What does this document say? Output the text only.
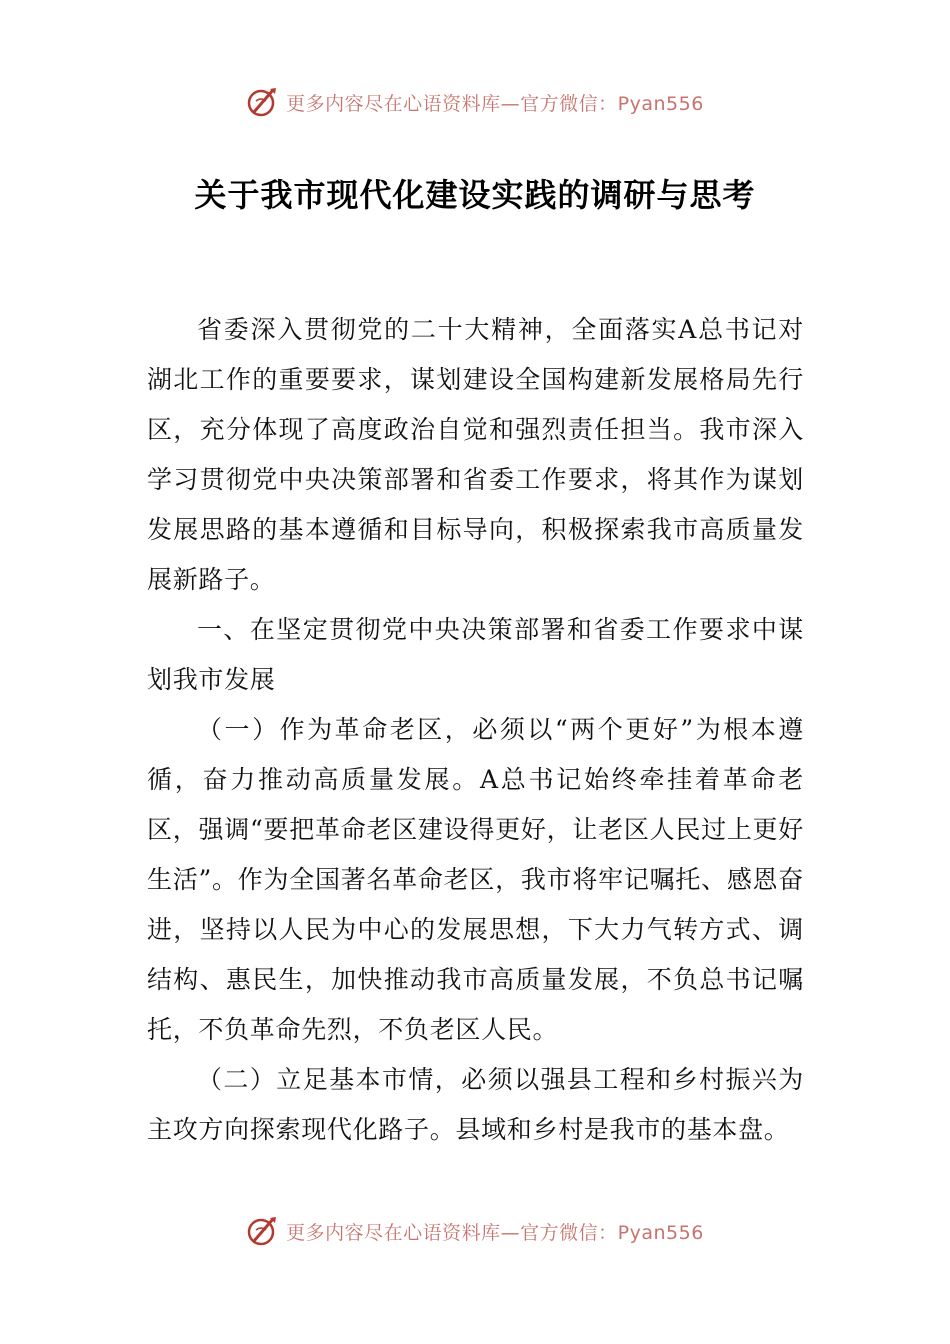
更多内容尽在心语资料库—官方微信：Pyan556
关于我市现代化建设实践的调研与思考

省委深入贯彻党的二十大精神，全面落实A总书记对湖北工作的重要要求，谋划建设全国构建新发展格局先行区，充分体现了高度政治自觉和强烈责任担当。我市深入学习贯彻党中央决策部署和省委工作要求，将其作为谋划发展思路的基本遵循和目标导向，积极探索我市高质量发展新路子。

一、在坚定贯彻党中央决策部署和省委工作要求中谋划我市发展

（一）作为革命老区，必须以“两个更好”为根本遵循，奋力推动高质量发展。A总书记始终牵挂着革命老区，强调“要把革命老区建设得更好，让老区人民过上更好生活”。作为全国著名革命老区，我市将牢记嘱托、感恩奋进，坚持以人民为中心的发展思想，下大力气转方式、调结构、惠民生，加快推动我市高质量发展，不负总书记嘱托，不负革命先烈，不负老区人民。

（二）立足基本市情，必须以强县工程和乡村振兴为主攻方向探索现代化路子。县域和乡村是我市的基本盘。

更多内容尽在心语资料库—官方微信：Pyan556
